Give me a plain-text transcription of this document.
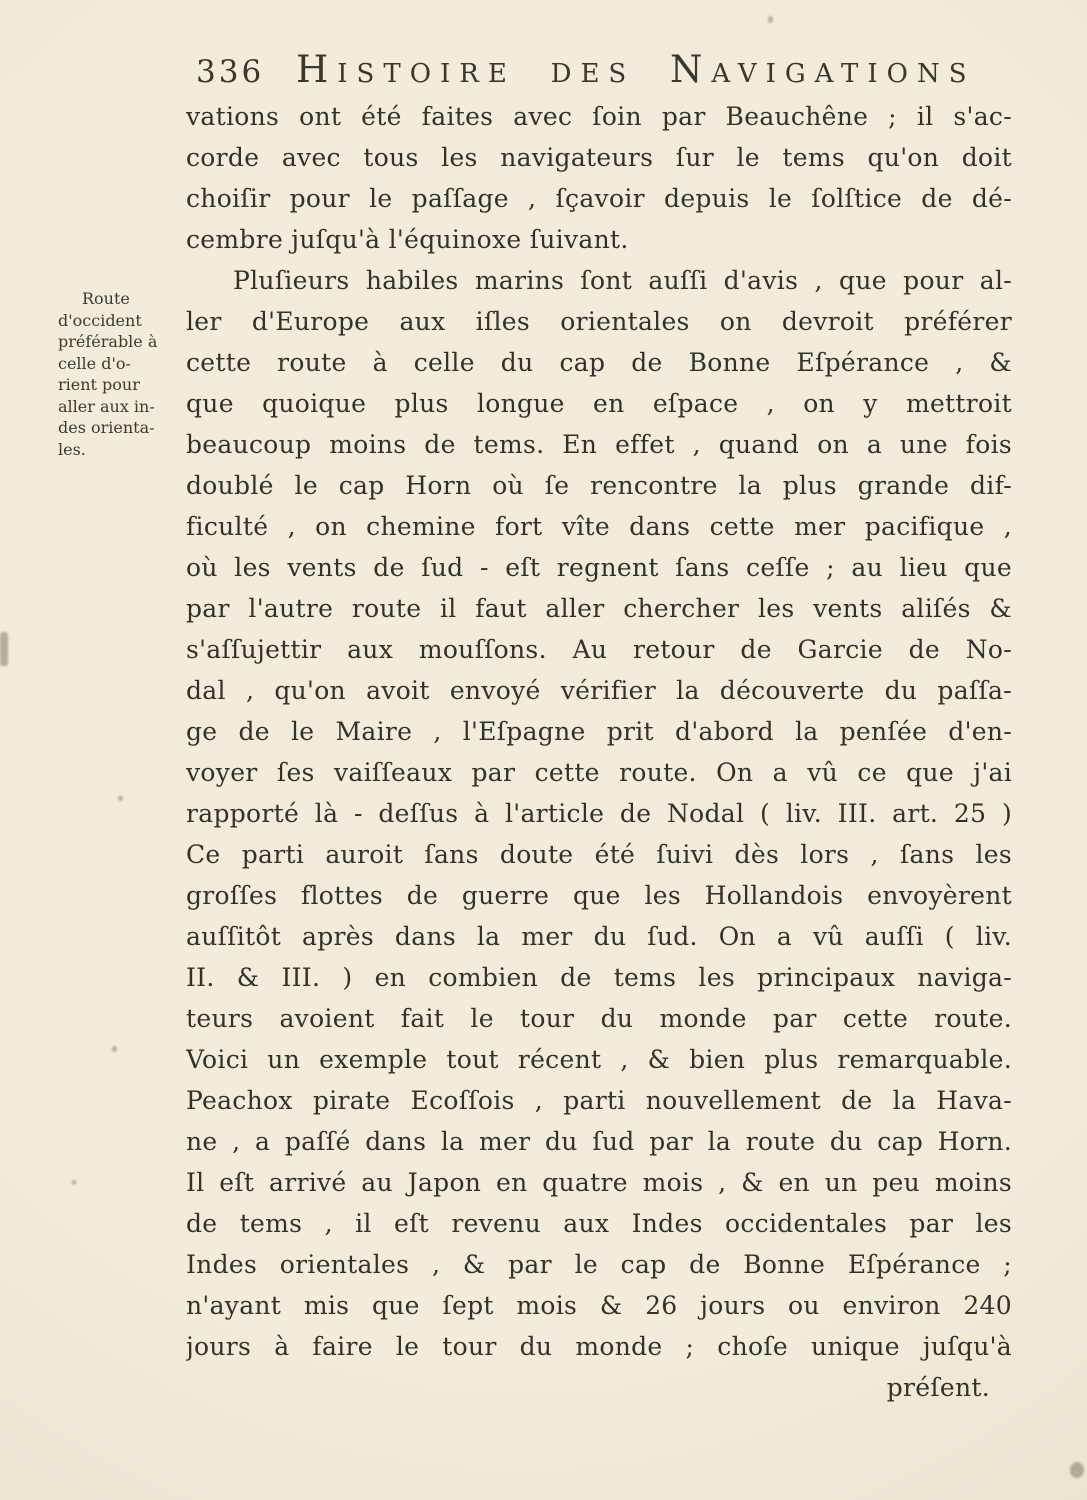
336 Histoire des Navigations
Route
d'occident
préférable à
celle d'o-
rient pour
aller aux in-
des orienta-
les.
vations ont été faites avec ſoin par Beauchêne ; il s'ac-
corde avec tous les navigateurs ſur le tems qu'on doit
choiſir pour le paſſage , ſçavoir depuis le ſolſtice de dé-
cembre juſqu'à l'équinoxe ſuivant.
Pluſieurs habiles marins ſont auſſi d'avis , que pour al-
ler d'Europe aux iſles orientales on devroit préférer
cette route à celle du cap de Bonne Eſpérance , &
que quoique plus longue en eſpace , on y mettroit
beaucoup moins de tems. En effet , quand on a une fois
doublé le cap Horn où ſe rencontre la plus grande dif-
ficulté , on chemine fort vîte dans cette mer pacifique ,
où les vents de ſud - eſt regnent ſans ceſſe ; au lieu que
par l'autre route il faut aller chercher les vents aliſés &
s'aſſujettir aux mouſſons. Au retour de Garcie de No-
dal , qu'on avoit envoyé vérifier la découverte du paſſa-
ge de le Maire , l'Eſpagne prit d'abord la penſée d'en-
voyer ſes vaiſſeaux par cette route. On a vû ce que j'ai
rapporté là - deſſus à l'article de Nodal ( liv. III. art. 25 )
Ce parti auroit ſans doute été ſuivi dès lors , ſans les
groſſes flottes de guerre que les Hollandois envoyèrent
auſſitôt après dans la mer du ſud. On a vû auſſi ( liv.
II. & III. ) en combien de tems les principaux naviga-
teurs avoient fait le tour du monde par cette route.
Voici un exemple tout récent , & bien plus remarquable.
Peachox pirate Ecoſſois , parti nouvellement de la Hava-
ne , a paſſé dans la mer du ſud par la route du cap Horn.
Il eſt arrivé au Japon en quatre mois , & en un peu moins
de tems , il eſt revenu aux Indes occidentales par les
Indes orientales , & par le cap de Bonne Eſpérance ;
n'ayant mis que ſept mois & 26 jours ou environ 240
jours à faire le tour du monde ; choſe unique juſqu'à
préſent.
